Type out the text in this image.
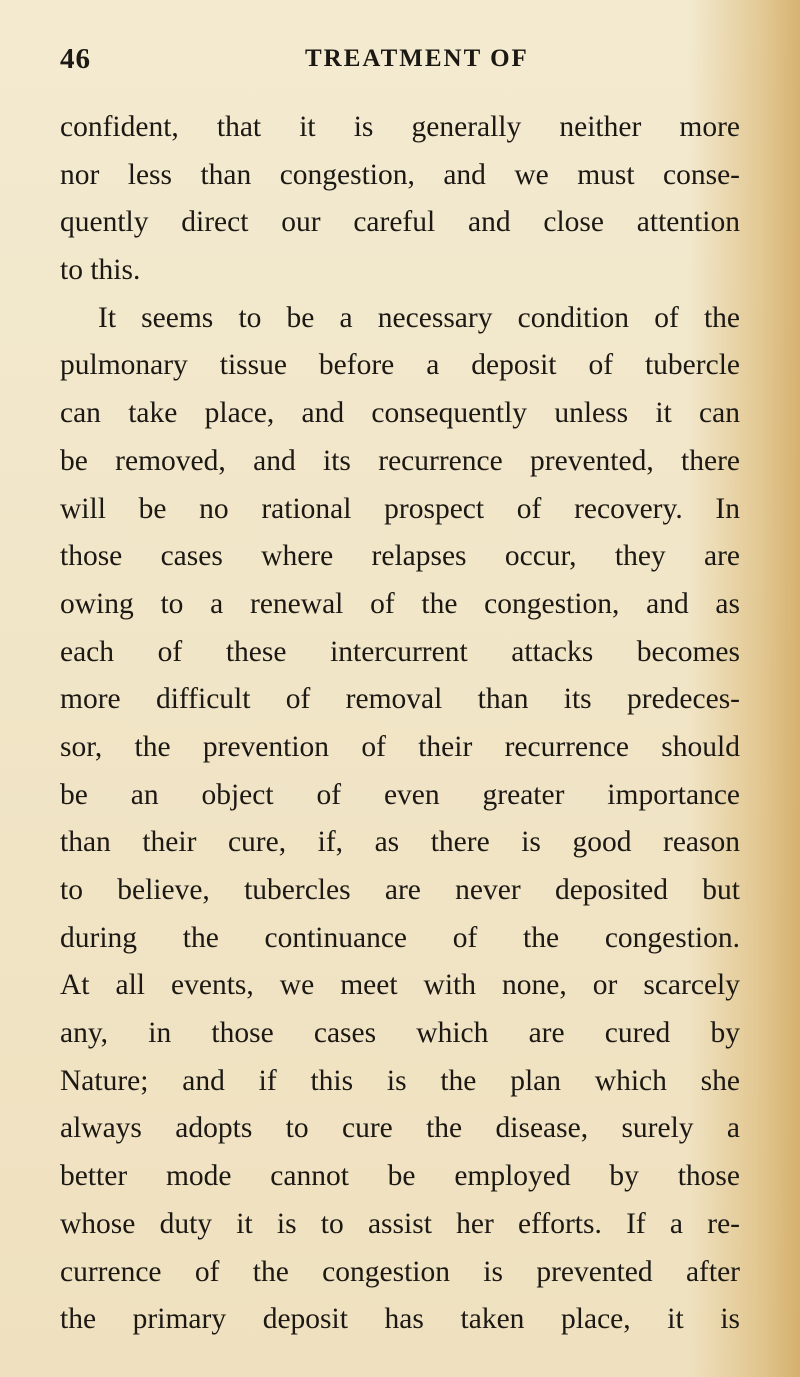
46	TREATMENT OF
confident, that it is generally neither more
nor less than congestion, and we must conse-
quently direct our careful and close attention
to this.
It seems to be a necessary condition of the
pulmonary tissue before a deposit of tubercle
can take place, and consequently unless it can
be removed, and its recurrence prevented, there
will be no rational prospect of recovery. In
those cases where relapses occur, they are
owing to a renewal of the congestion, and as
each of these intercurrent attacks becomes
more difficult of removal than its predeces-
sor, the prevention of their recurrence should
be an object of even greater importance
than their cure, if, as there is good reason
to believe, tubercles are never deposited but
during the continuance of the congestion.
At all events, we meet with none, or scarcely
any, in those cases which are cured by
Nature; and if this is the plan which she
always adopts to cure the disease, surely a
better mode cannot be employed by those
whose duty it is to assist her efforts. If a re-
currence of the congestion is prevented after
the primary deposit has taken place, it is
